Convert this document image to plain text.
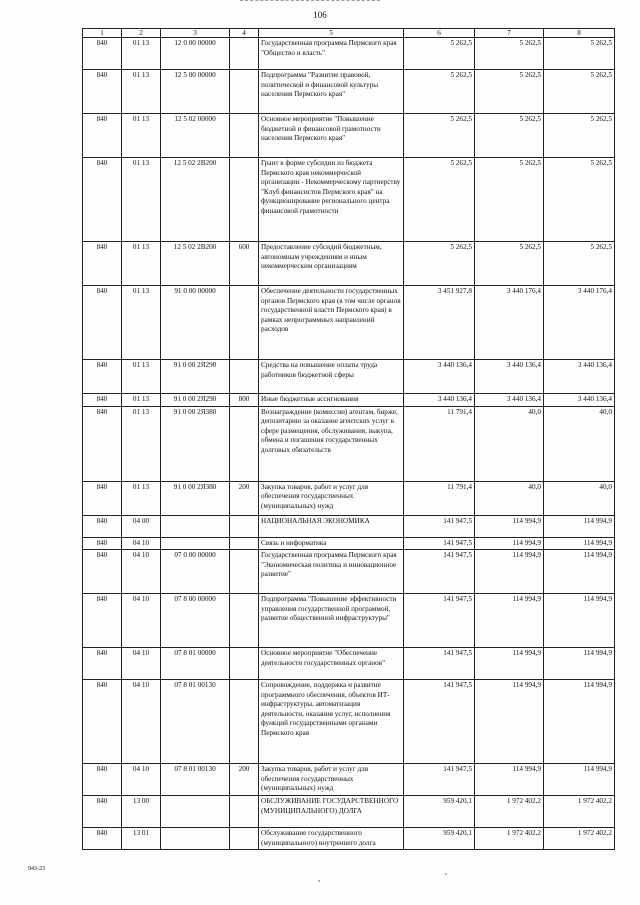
106
1	2	3	4	5	6	7	8
840	01 13	12 0 00 00000		Государственная программа Пермского края "Общество и власть"	5 262,5	5 262,5	5 262,5
840	01 13	12 5 00 00000		Подпрограмма "Развитие правовой, политической и финансовой культуры населения Пермского края"	5 262,5	5 262,5	5 262,5
840	01 13	12 5 02 00000		Основное мероприятие "Повышение бюджетной и финансовой грамотности населения Пермского края"	5 262,5	5 262,5	5 262,5
840	01 13	12 5 02 2В200		Грант в форме субсидии из бюджета Пермского края некоммерческой организации - Некоммерческому партнерству "Клуб финансистов Пермского края" на функционирование регионального центра финансовой грамотности	5 262,5	5 262,5	5 262,5
840	01 13	12 5 02 2В200	600	Предоставление субсидий бюджетным, автономным учреждениям и иным некоммерческим организациям	5 262,5	5 262,5	5 262,5
840	01 13	91 0 00 00000		Обеспечение деятельности государственных органов Пермского края (в том числе органов государственной власти Пермского края) в рамках непрограммных направлений расходов	3 451 927,8	3 440 176,4	3 440 176,4
840	01 13	91 0 00 2Я290		Средства на повышение оплаты труда работников бюджетной сферы	3 440 136,4	3 440 136,4	3 440 136,4
840	01 13	91 0 00 2Я290	800	Иные бюджетные ассигнования	3 440 136,4	3 440 136,4	3 440 136,4
840	01 13	91 0 00 2Я380		Вознаграждение (комиссии) агентам, бирже, депозитарию за оказание агентских услуг в сфере размещения, обслуживания, выкупа, обмена и погашения государственных долговых обязательств	11 791,4	40,0	40,0
840	01 13	91 0 00 2Я380	200	Закупка товаров, работ и услуг для обеспечения государственных (муниципальных) нужд	11 791,4	40,0	40,0
840	04 00			НАЦИОНАЛЬНАЯ ЭКОНОМИКА	141 947,5	114 994,9	114 994,9
840	04 10			Связь и информатика	141 947,5	114 994,9	114 994,9
840	04 10	07 0 00 00000		Государственная программа Пермского края "Экономическая политика и инновационное развитие"	141 947,5	114 994,9	114 994,9
840	04 10	07 8 00 00000		Подпрограмма "Повышение эффективности управления государственной программой, развитие общественной инфраструктуры"	141 947,5	114 994,9	114 994,9
840	04 10	07 8 01 00000		Основное мероприятие "Обеспечение деятельности государственных органов"	141 947,5	114 994,9	114 994,9
840	04 10	07 8 01 00130		Сопровождение, поддержка и развитие программного обеспечения, объектов ИТ-инфраструктуры, автоматизация деятельности, оказания услуг, исполнения функций государственными органами Пермского края	141 947,5	114 994,9	114 994,9
840	04 10	07 8 01 00130	200	Закупка товаров, работ и услуг для обеспечения государственных (муниципальных) нужд	141 947,5	114 994,9	114 994,9
840	13 00			ОБСЛУЖИВАНИЕ ГОСУДАРСТВЕННОГО (МУНИЦИПАЛЬНОГО) ДОЛГА	959 420,1	1 972 402,2	1 972 402,2
840	13 01			Обслуживание государственного (муниципального) внутреннего долга	959 420,1	1 972 402,2	1 972 402,2
943-23
